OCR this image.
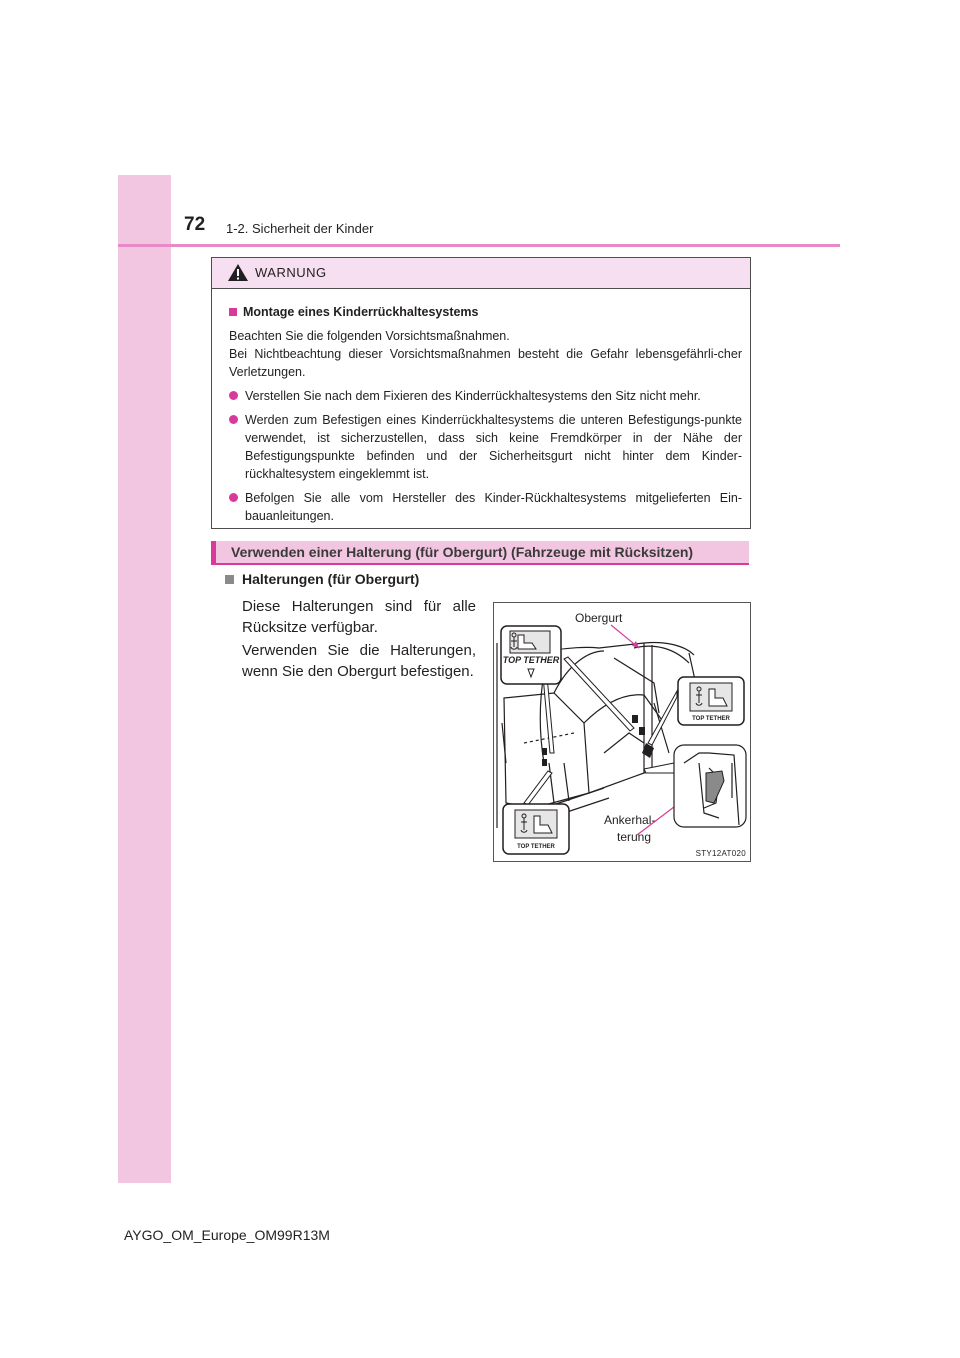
72 1-2. Sicherheit der Kinder
WARNUNG
Montage eines Kinderrückhaltesystems
Beachten Sie die folgenden Vorsichtsmaßnahmen.
Bei Nichtbeachtung dieser Vorsichtsmaßnahmen besteht die Gefahr lebensgefährli-cher Verletzungen.
Verstellen Sie nach dem Fixieren des Kinderrückhaltesystems den Sitz nicht mehr.
Werden zum Befestigen eines Kinderrückhaltesystems die unteren Befestigungs-punkte verwendet, ist sicherzustellen, dass sich keine Fremdkörper in der Nähe der Befestigungspunkte befinden und der Sicherheitsgurt nicht hinter dem Kinder-rückhaltesystem eingeklemmt ist.
Befolgen Sie alle vom Hersteller des Kinder-Rückhaltesystems mitgelieferten Ein-bauanleitungen.
Verwenden einer Halterung (für Obergurt) (Fahrzeuge mit Rücksitzen)
Halterungen (für Obergurt)
Diese Halterungen sind für alle Rücksitze verfügbar.
Verwenden Sie die Halterungen, wenn Sie den Obergurt befestigen.
TOP TETHER
TOP TETHER
TOP TETHER
Obergurt
Ankerhal-
terung
STY12AT020
AYGO_OM_Europe_OM99R13M
